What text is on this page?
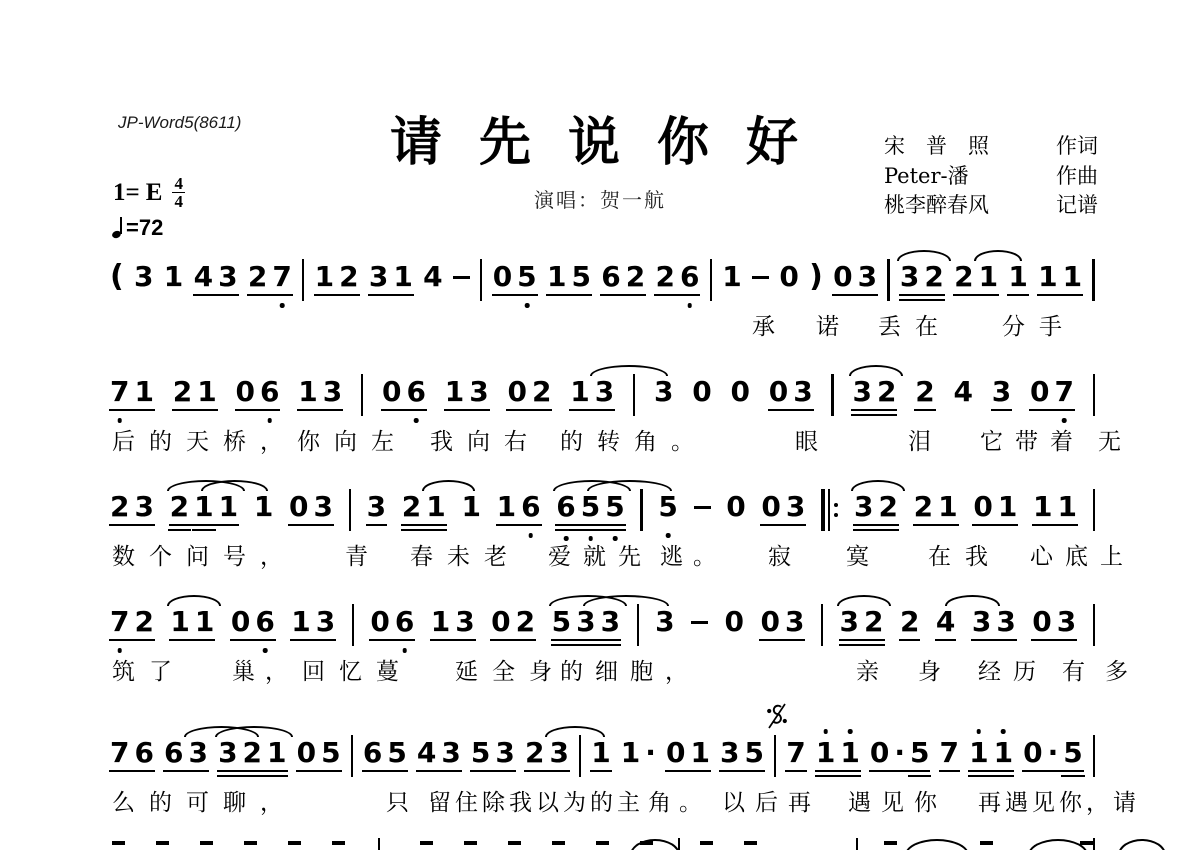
JP-Word5(8611)	请 先 说 你 好
演唱：贺一航
宋　普　照	作词
Peter-潘	作曲
桃李醉春风	记谱
1= E $\frac{4}{4}$
=72
( 3 1 4 3 2 7 1 2 3 1 4 0 5 1 5 6 2 2 6 1 0 ) 0 3 3 2 2 1 1 1 1
承 诺 丢在 分手
7 1 2 1 0 6 1 3 0 6 1 3 0 2 1 3 3 0 0 0 3 3 2 2 4 3 0 7
后的天桥，你向左 我向右 的转角。	眼	泪 它带着 无
2 3 2 1 1 1 0 3 3 2 1 1 1 6 6 5 5 5 0 0 3 3 2 2 1 0 1 1 1
数个问号， 青 春未老 爱就先 逃。 寂 寞 在我 心底上
7 2 1 1 0 6 1 3 0 6 1 3 0 2 5 3 3 3 0 0 3 3 2 2 4 3 3 0 3
筑了 巢， 回忆蔓 延全身
的细胞，	亲 身 经历 有 多
7 6 6 3 3 2 1 0 5 6 5 4 3 5 3 2 3 1 1 · 0 1 3 5 7 1 1 0 · 5 7 1 1 0 · 5
么的可聊，	只 留住除我以为的主 角。 以后再 遇见你 再遇见你，请
